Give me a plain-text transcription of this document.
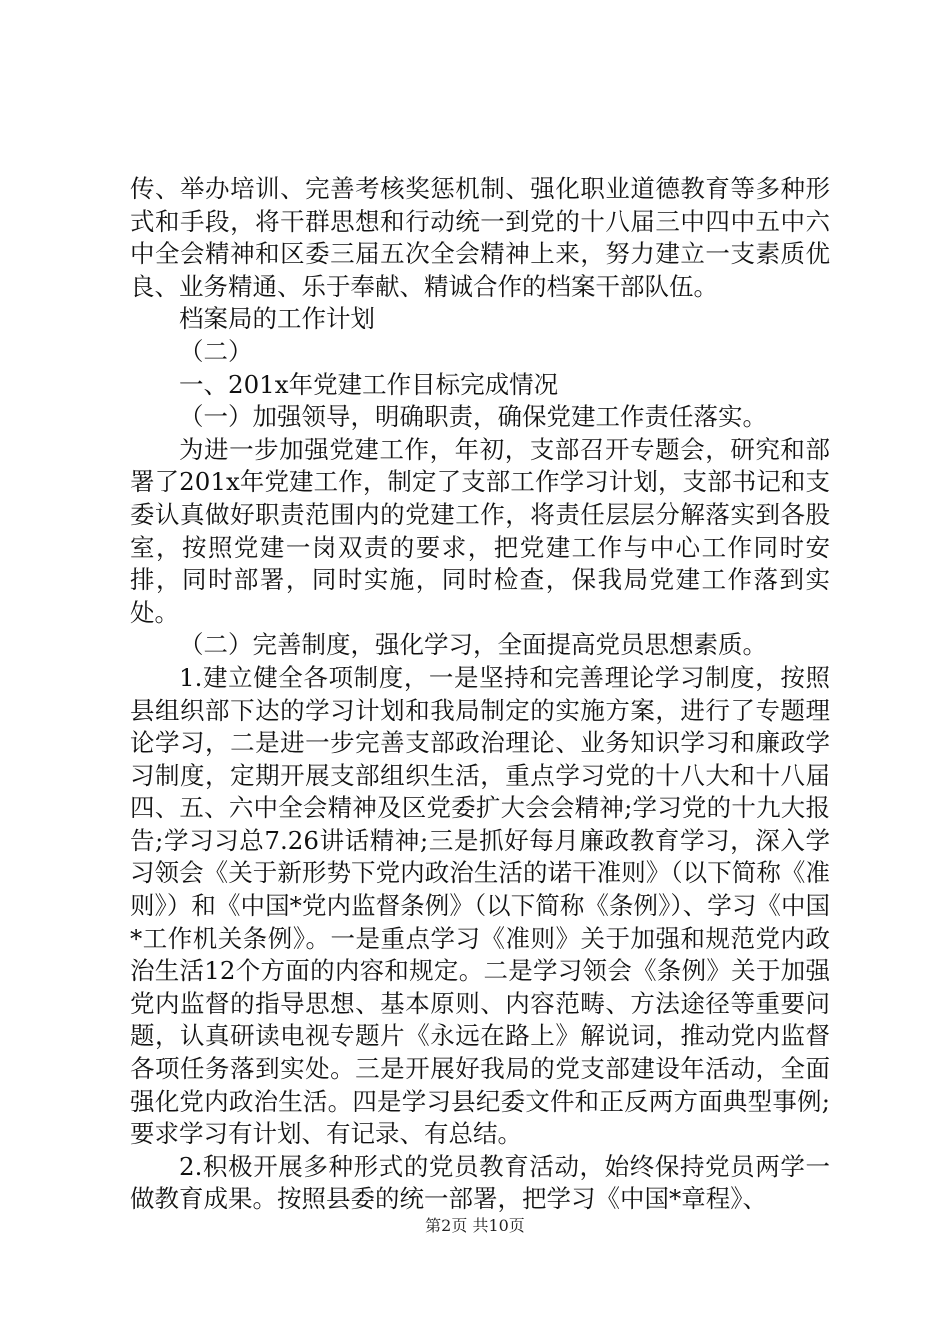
传、举办培训、完善考核奖惩机制、强化职业道德教育等多种形式和手段，将干群思想和行动统一到党的十八届三中四中五中六中全会精神和区委三届五次全会精神上来，努力建立一支素质优良、业务精通、乐于奉献、精诚合作的档案干部队伍。

档案局的工作计划

（二）

一、201x年党建工作目标完成情况

（一）加强领导，明确职责，确保党建工作责任落实。

为进一步加强党建工作，年初，支部召开专题会，研究和部署了201x年党建工作，制定了支部工作学习计划，支部书记和支委认真做好职责范围内的党建工作，将责任层层分解落实到各股室，按照党建一岗双责的要求，把党建工作与中心工作同时安排，同时部署，同时实施，同时检查，保我局党建工作落到实处。

（二）完善制度，强化学习，全面提高党员思想素质。

1.建立健全各项制度，一是坚持和完善理论学习制度，按照县组织部下达的学习计划和我局制定的实施方案，进行了专题理论学习，二是进一步完善支部政治理论、业务知识学习和廉政学习制度，定期开展支部组织生活，重点学习党的十八大和十八届四、五、六中全会精神及区党委扩大会会精神;学习党的十九大报告;学习习总7.26讲话精神;三是抓好每月廉政教育学习，深入学习领会《关于新形势下党内政治生活的诺干准则》（以下简称《准则》）和《中国*党内监督条例》（以下简称《条例》）、学习《中国*工作机关条例》。一是重点学习《准则》关于加强和规范党内政治生活12个方面的内容和规定。二是学习领会《条例》关于加强党内监督的指导思想、基本原则、内容范畴、方法途径等重要问题，认真研读电视专题片《永远在路上》解说词，推动党内监督各项任务落到实处。三是开展好我局的党支部建设年活动，全面强化党内政治生活。四是学习县纪委文件和正反两方面典型事例;要求学习有计划、有记录、有总结。

2.积极开展多种形式的党员教育活动，始终保持党员两学一做教育成果。按照县委的统一部署，把学习《中国*章程》、

第2页 共10页
